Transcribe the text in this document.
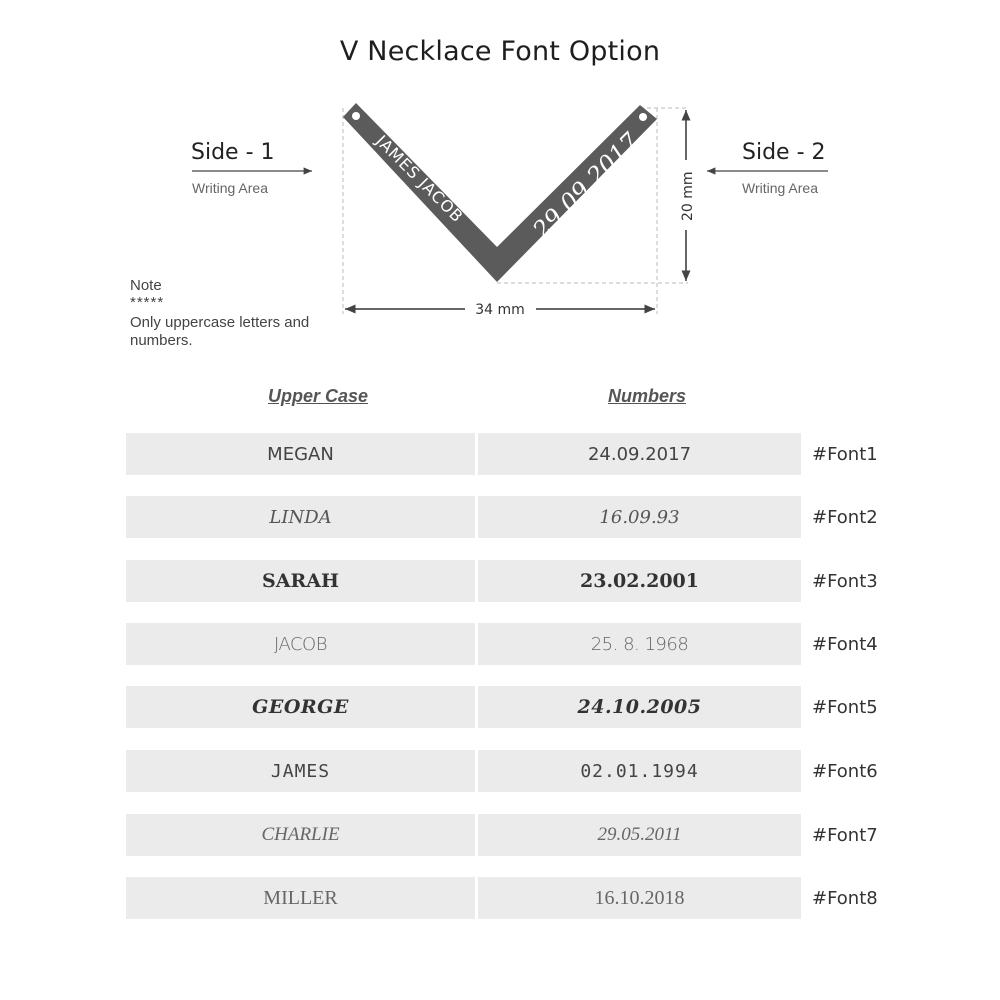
V Necklace Font Option
JAMES JACOB	29.09.2017	20 mm
34 mm
Side - 1
Writing Area
Side - 2
Writing Area
Note
*****
Only uppercase letters and numbers.
Upper Case	Numbers
MEGAN	24.09.2017	#Font1
LINDA	16.09.93	#Font2
SARAH	23.02.2001	#Font3
JACOB	25. 8. 1968	#Font4
GEORGE	24.10.2005	#Font5
JAMES	02.01.1994	#Font6
CHARLIE	29.05.2011	#Font7
MILLER	16.10.2018	#Font8
